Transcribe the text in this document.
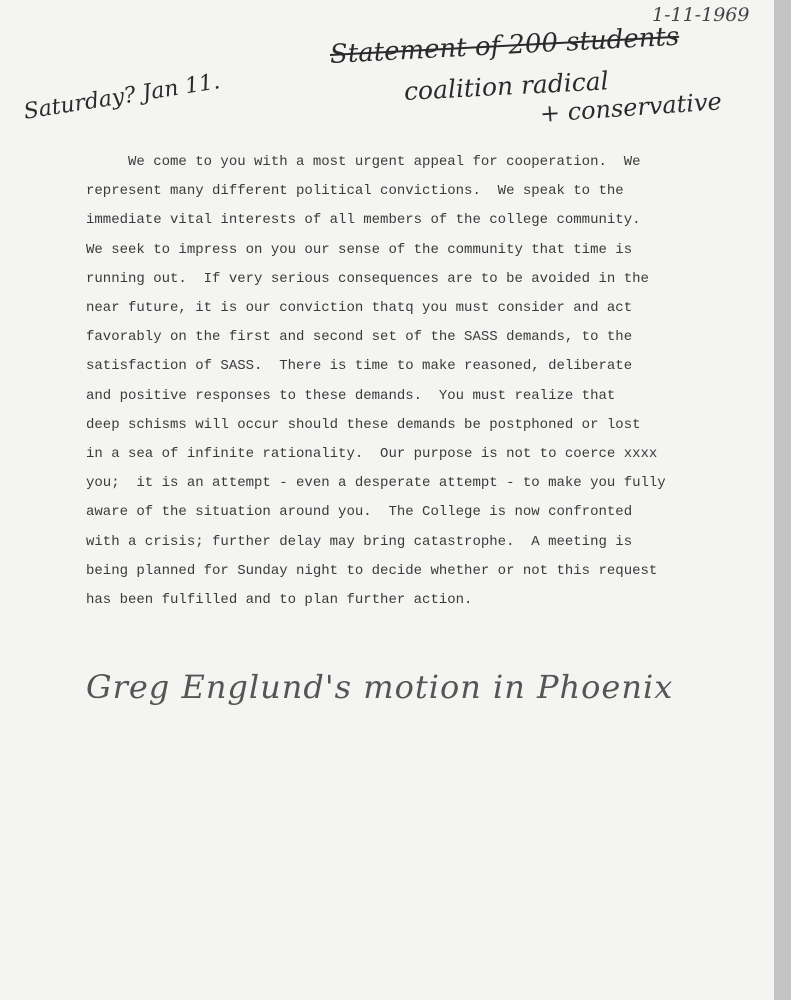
1-11-1969
Statement of 200 students
coalition radical
+ conservative
Saturday? Jan 11.
We come to you with a most urgent appeal for cooperation.  We
represent many different political convictions.  We speak to the
immediate vital interests of all members of the college community.
We seek to impress on you our sense of the community that time is
running out.  If very serious consequences are to be avoided in the
near future, it is our conviction thatq you must consider and act
favorably on the first and second set of the SASS demands, to the
satisfaction of SASS.  There is time to make reasoned, deliberate
and positive responses to these demands.  You must realize that
deep schisms will occur should these demands be postphoned or lost
in a sea of infinite rationality.  Our purpose is not to coerce xxxx
you;  it is an attempt - even a desperate attempt - to make you fully
aware of the situation around you.  The College is now confronted
with a crisis; further delay may bring catastrophe.  A meeting is
being planned for Sunday night to decide whether or not this request
has been fulfilled and to plan further action.
Greg Englund's motion in Phoenix
